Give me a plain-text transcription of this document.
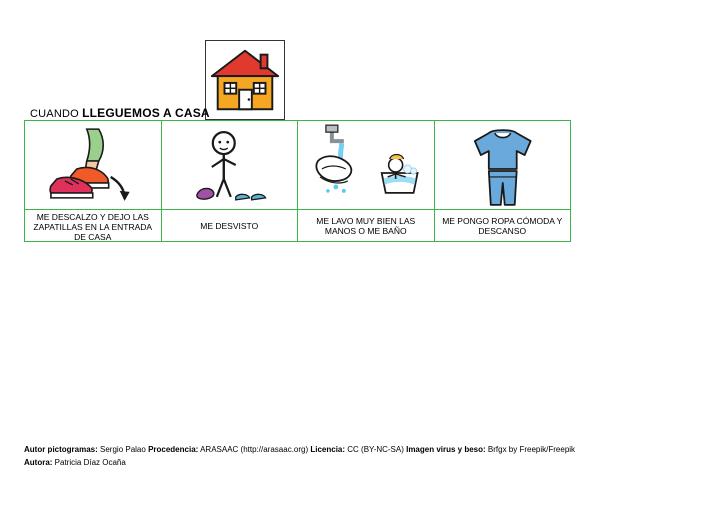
CUANDO LLEGUEMOS A CASA
ME DESCALZO Y DEJO LAS ZAPATILLAS EN LA ENTRADA DE CASA
ME DESVISTO	ME LAVO MUY BIEN LAS MANOS O ME BAÑO
ME PONGO ROPA CÓMODA Y DESCANSO
Autor pictogramas: Sergio Palao Procedencia: ARASAAC (http://arasaac.org) Licencia: CC (BY-NC-SA) Imagen virus y beso: Brfgx by Freepik/Freepik
Autora: Patricia Díaz Ocaña
